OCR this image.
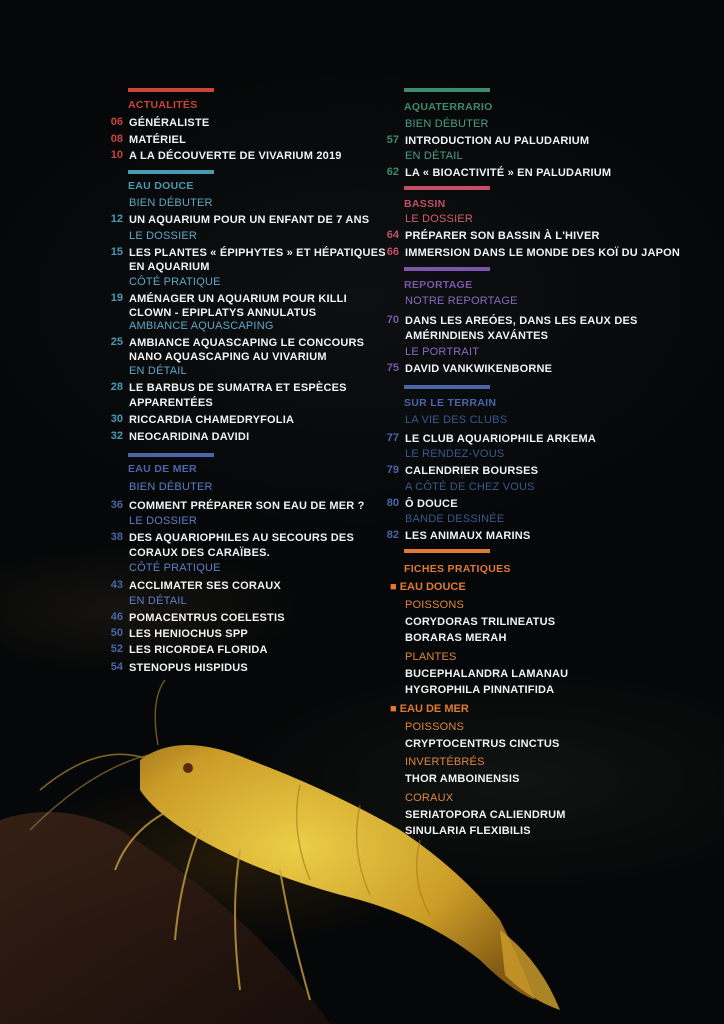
ACTUALITÉS
06 GÉNÉRALISTE
08 MATÉRIEL
10 A LA DÉCOUVERTE DE VIVARIUM 2019
EAU DOUCE
BIEN DÉBUTER
12 UN AQUARIUM POUR UN ENFANT DE 7 ANS
LE DOSSIER
15 LES PLANTES « ÉPIPHYTES » ET HÉPATIQUES
EN AQUARIUM
CÔTÉ PRATIQUE
19 AMÉNAGER UN AQUARIUM POUR KILLI
CLOWN - EPIPLATYS ANNULATUS
AMBIANCE AQUASCAPING
25 AMBIANCE AQUASCAPING LE CONCOURS
NANO AQUASCAPING AU VIVARIUM
EN DÉTAIL
28 LE BARBUS DE SUMATRA ET ESPÈCES
APPARENTÉES
30 RICCARDIA CHAMEDRYFOLIA
32 NEOCARIDINA DAVIDI
EAU DE MER
BIEN DÉBUTER
36 COMMENT PRÉPARER SON EAU DE MER ?
LE DOSSIER
38 DES AQUARIOPHILES AU SECOURS DES
CORAUX DES CARAÏBES.
CÔTÉ PRATIQUE
43 ACCLIMATER SES CORAUX
EN DÉTAIL
46 POMACENTRUS COELESTIS
50 LES HENIOCHUS SPP
52 LES RICORDEA FLORIDA
54 STENOPUS HISPIDUS
AQUATERRARIO
BIEN DÉBUTER
57 INTRODUCTION AU PALUDARIUM
EN DÉTAIL
62 LA « BIOACTIVITÉ » EN PALUDARIUM
BASSIN
LE DOSSIER
64 PRÉPARER SON BASSIN À L'HIVER
66 IMMERSION DANS LE MONDE DES KOÏ DU JAPON
REPORTAGE
NOTRE REPORTAGE
70 DANS LES AREÓES, DANS LES EAUX DES
AMÉRINDIENS XAVÁNTES
LE PORTRAIT
75 DAVID VANKWIKENBORNE
SUR LE TERRAIN
LA VIE DES CLUBS
77 LE CLUB AQUARIOPHILE ARKEMA
LE RENDEZ-VOUS
79 CALENDRIER BOURSES
A CÔTÉ DE CHEZ VOUS
80 Ô DOUCE
BANDE DESSINÉE
82 LES ANIMAUX MARINS
FICHES PRATIQUES
■ EAU DOUCE
POISSONS
CORYDORAS TRILINEATUS
BORARAS MERAH
PLANTES
BUCEPHALANDRA LAMANAU
HYGROPHILA PINNATIFIDA
■ EAU DE MER
POISSONS
CRYPTOCENTRUS CINCTUS
INVERTÉBRÉS
THOR AMBOINENSIS
CORAUX
SERIATOPORA CALIENDRUM
SINULARIA FLEXIBILIS
